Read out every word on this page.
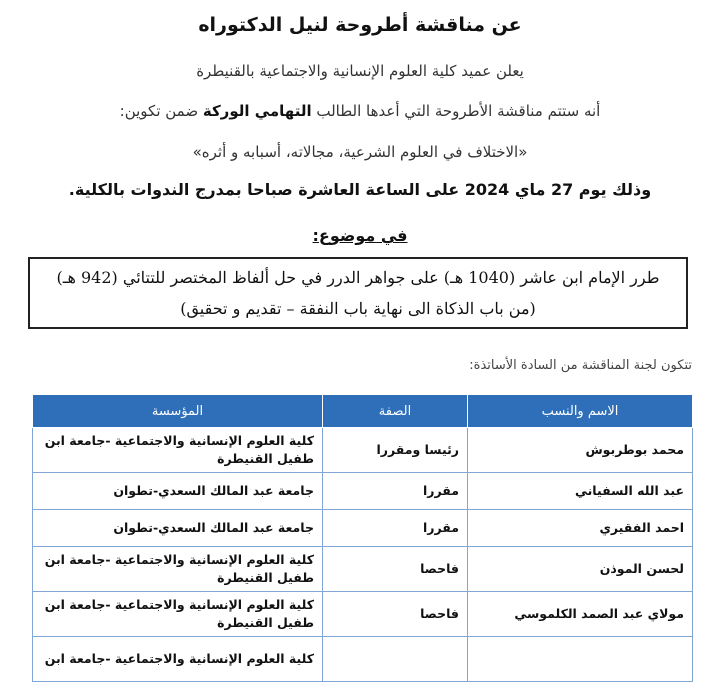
عن مناقشة أطروحة لنيل الدكتوراه
يعلن عميد كلية العلوم الإنسانية والاجتماعية بالقنيطرة
أنه ستتم مناقشة الأطروحة التي أعدها الطالب التهامي الوركة ضمن تكوين:
«الاختلاف في العلوم الشرعية، مجالاته، أسبابه و أثره»
وذلك يوم 27 ماي 2024 على الساعة العاشرة صباحا بمدرج الندوات بالكلية.
في موضوع:
طرر الإمام ابن عاشر (1040 هـ) على جواهر الدرر في حل ألفاظ المختصر للتتائي (942 هـ)
(من باب الذكاة الى نهاية باب النفقة – تقديم و تحقيق)
تتكون لجنة المناقشة من السادة الأساتذة:
الاسم والنسب	الصفة	المؤسسة
محمد بوطربوش	رئيسا ومقررا	كلية العلوم الإنسانية والاجتماعية -جامعة ابن طفيل القنيطرة
عبد الله السفياني	مقررا	جامعة عبد المالك السعدي-تطوان
احمد الفقيري	مقررا	جامعة عبد المالك السعدي-تطوان
لحسن الموذن	فاحصا	كلية العلوم الإنسانية والاجتماعية -جامعة ابن طفيل القنيطرة
مولاي عبد الصمد الكلموسي	فاحصا	كلية العلوم الإنسانية والاجتماعية -جامعة ابن طفيل القنيطرة
		كلية العلوم الإنسانية والاجتماعية -جامعة ابن
